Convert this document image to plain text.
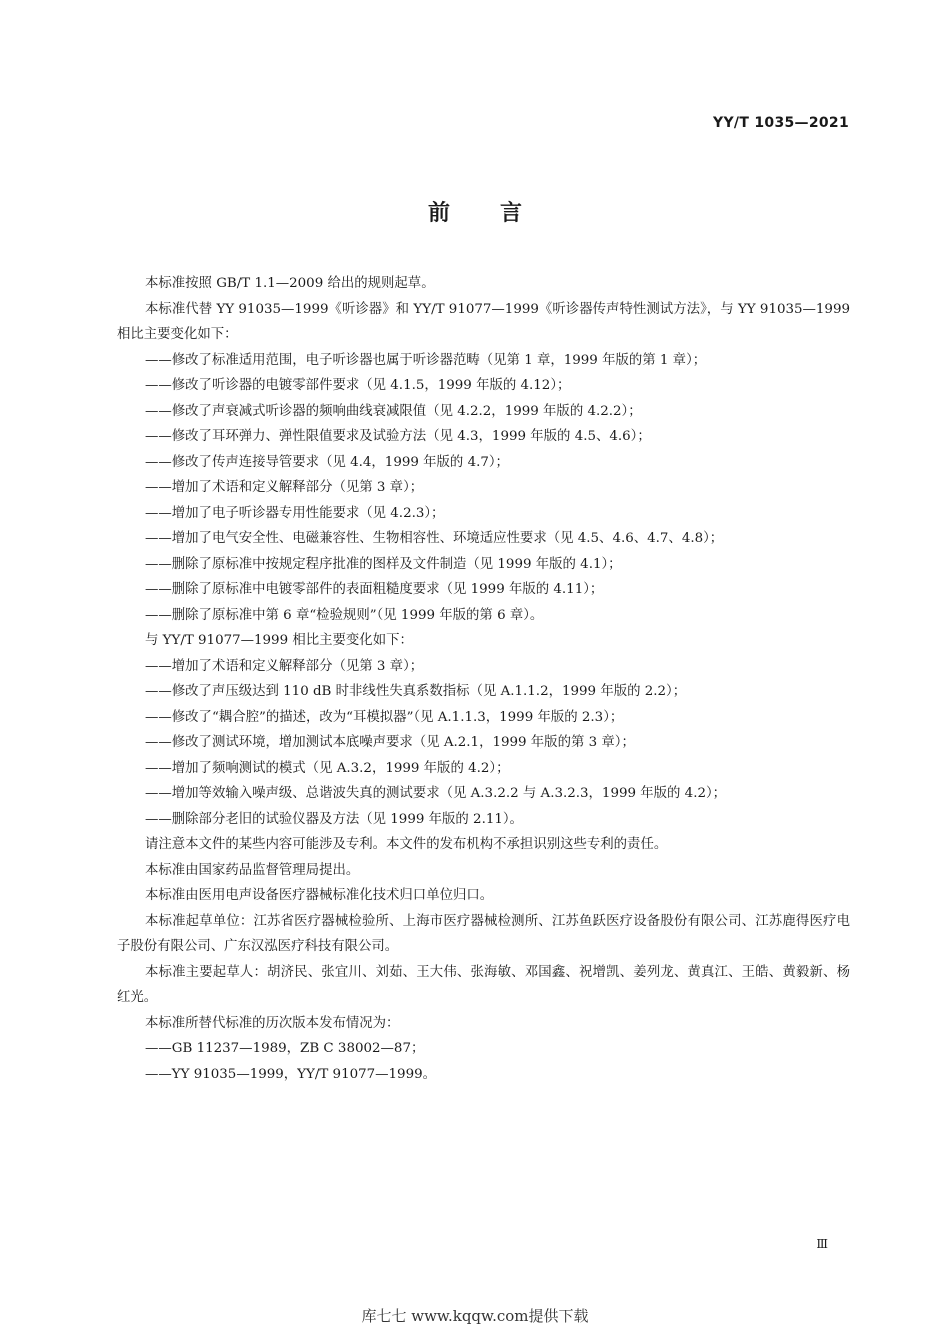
YY/T 1035—2021
前言

本标准按照 GB/T 1.1—2009 给出的规则起草。

本标准代替 YY 91035—1999《听诊器》和 YY/T 91077—1999《听诊器传声特性测试方法》，与 YY 91035—1999 相比主要变化如下：

——修改了标准适用范围，电子听诊器也属于听诊器范畴（见第 1 章，1999 年版的第 1 章）；

——修改了听诊器的电镀零部件要求（见 4.1.5，1999 年版的 4.12）；

——修改了声衰减式听诊器的频响曲线衰减限值（见 4.2.2，1999 年版的 4.2.2）；

——修改了耳环弹力、弹性限值要求及试验方法（见 4.3，1999 年版的 4.5、4.6）；

——修改了传声连接导管要求（见 4.4，1999 年版的 4.7）；

——增加了术语和定义解释部分（见第 3 章）；

——增加了电子听诊器专用性能要求（见 4.2.3）；

——增加了电气安全性、电磁兼容性、生物相容性、环境适应性要求（见 4.5、4.6、4.7、4.8）；

——删除了原标准中按规定程序批准的图样及文件制造（见 1999 年版的 4.1）；

——删除了原标准中电镀零部件的表面粗糙度要求（见 1999 年版的 4.11）；

——删除了原标准中第 6 章“检验规则”（见 1999 年版的第 6 章）。

与 YY/T 91077—1999 相比主要变化如下：

——增加了术语和定义解释部分（见第 3 章）；

——修改了声压级达到 110 dB 时非线性失真系数指标（见 A.1.1.2，1999 年版的 2.2）；

——修改了“耦合腔”的描述，改为“耳模拟器”（见 A.1.1.3，1999 年版的 2.3）；

——修改了测试环境，增加测试本底噪声要求（见 A.2.1，1999 年版的第 3 章）；

——增加了频响测试的模式（见 A.3.2，1999 年版的 4.2）；

——增加等效输入噪声级、总谐波失真的测试要求（见 A.3.2.2 与 A.3.2.3，1999 年版的 4.2）；

——删除部分老旧的试验仪器及方法（见 1999 年版的 2.11）。

请注意本文件的某些内容可能涉及专利。本文件的发布机构不承担识别这些专利的责任。

本标准由国家药品监督管理局提出。

本标准由医用电声设备医疗器械标准化技术归口单位归口。

本标准起草单位：江苏省医疗器械检验所、上海市医疗器械检测所、江苏鱼跃医疗设备股份有限公司、江苏鹿得医疗电子股份有限公司、广东汉泓医疗科技有限公司。

本标准主要起草人：胡济民、张宜川、刘茹、王大伟、张海敏、邓国鑫、祝增凯、姜列龙、黄真江、王皓、黄毅新、杨红光。

本标准所替代标准的历次版本发布情况为：

——GB 11237—1989，ZB C 38002—87；

——YY 91035—1999，YY/T 91077—1999。

Ⅲ
库七七 www.kqqw.com提供下载
